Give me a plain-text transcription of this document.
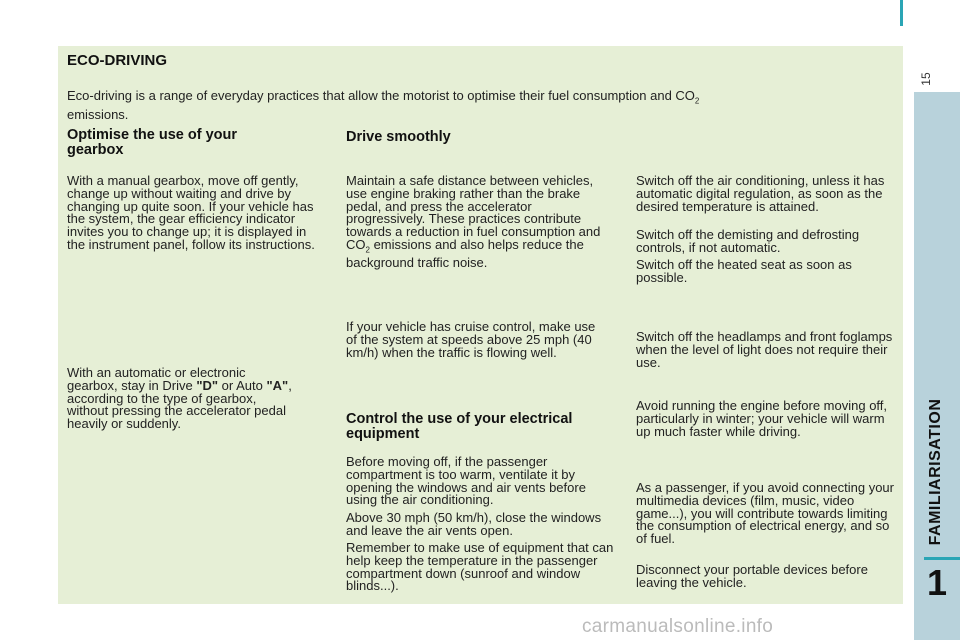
15
FAMILIARISATION
1
ECO-DRIVING
Eco-driving is a range of everyday practices that allow the motorist to optimise their fuel consumption and $CO_2$
emissions.
Optimise the use of your gearbox

With a manual gearbox, move off gently, change up without waiting and drive by changing up quite soon. If your vehicle has the system, the gear efficiency indicator invites you to change up; it is displayed in the instrument panel, follow its instructions.

With an automatic or electronic gearbox, stay in Drive "D" or Auto "A", according to the type of gearbox, without pressing the accelerator pedal heavily or suddenly.

Drive smoothly

Maintain a safe distance between vehicles, use engine braking rather than the brake pedal, and press the accelerator progressively. These practices contribute towards a reduction in fuel consumption and $CO_2$ emissions and also helps reduce the background traffic noise.

If your vehicle has cruise control, make use of the system at speeds above 25 mph (40 km/h) when the traffic is flowing well.

Control the use of your electrical equipment

Before moving off, if the passenger compartment is too warm, ventilate it by opening the windows and air vents before using the air conditioning.

Above 30 mph (50 km/h), close the windows and leave the air vents open.

Remember to make use of equipment that can help keep the temperature in the passenger compartment down (sunroof and window blinds...).

Switch off the air conditioning, unless it has automatic digital regulation, as soon as the desired temperature is attained.

Switch off the demisting and defrosting controls, if not automatic.

Switch off the heated seat as soon as possible.

Switch off the headlamps and front foglamps when the level of light does not require their use.

Avoid running the engine before moving off, particularly in winter; your vehicle will warm up much faster while driving.

As a passenger, if you avoid connecting your multimedia devices (film, music, video game...), you will contribute towards limiting the consumption of electrical energy, and so of fuel.

Disconnect your portable devices before leaving the vehicle.

carmanualsonline.info
